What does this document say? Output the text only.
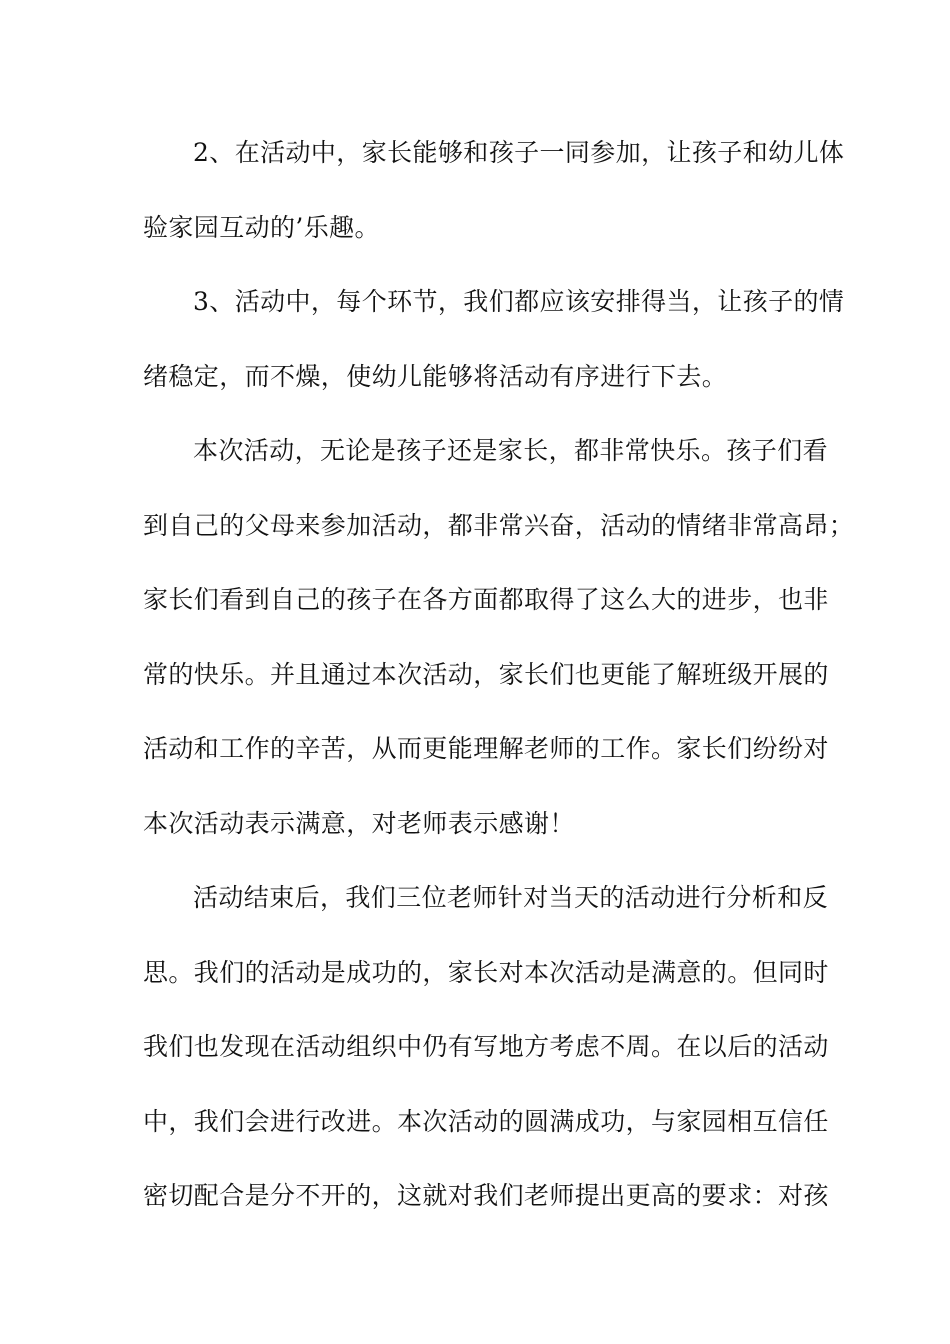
2、在活动中，家长能够和孩子一同参加，让孩子和幼儿体
验家园互动的’乐趣。
3、活动中，每个环节，我们都应该安排得当，让孩子的情
绪稳定，而不燥，使幼儿能够将活动有序进行下去。
本次活动，无论是孩子还是家长，都非常快乐。孩子们看
到自己的父母来参加活动，都非常兴奋，活动的情绪非常高昂；
家长们看到自己的孩子在各方面都取得了这么大的进步，也非
常的快乐。并且通过本次活动，家长们也更能了解班级开展的
活动和工作的辛苦，从而更能理解老师的工作。家长们纷纷对
本次活动表示满意，对老师表示感谢！
活动结束后，我们三位老师针对当天的活动进行分析和反
思。我们的活动是成功的，家长对本次活动是满意的。但同时
我们也发现在活动组织中仍有写地方考虑不周。在以后的活动
中，我们会进行改进。本次活动的圆满成功，与家园相互信任
密切配合是分不开的，这就对我们老师提出更高的要求：对孩
